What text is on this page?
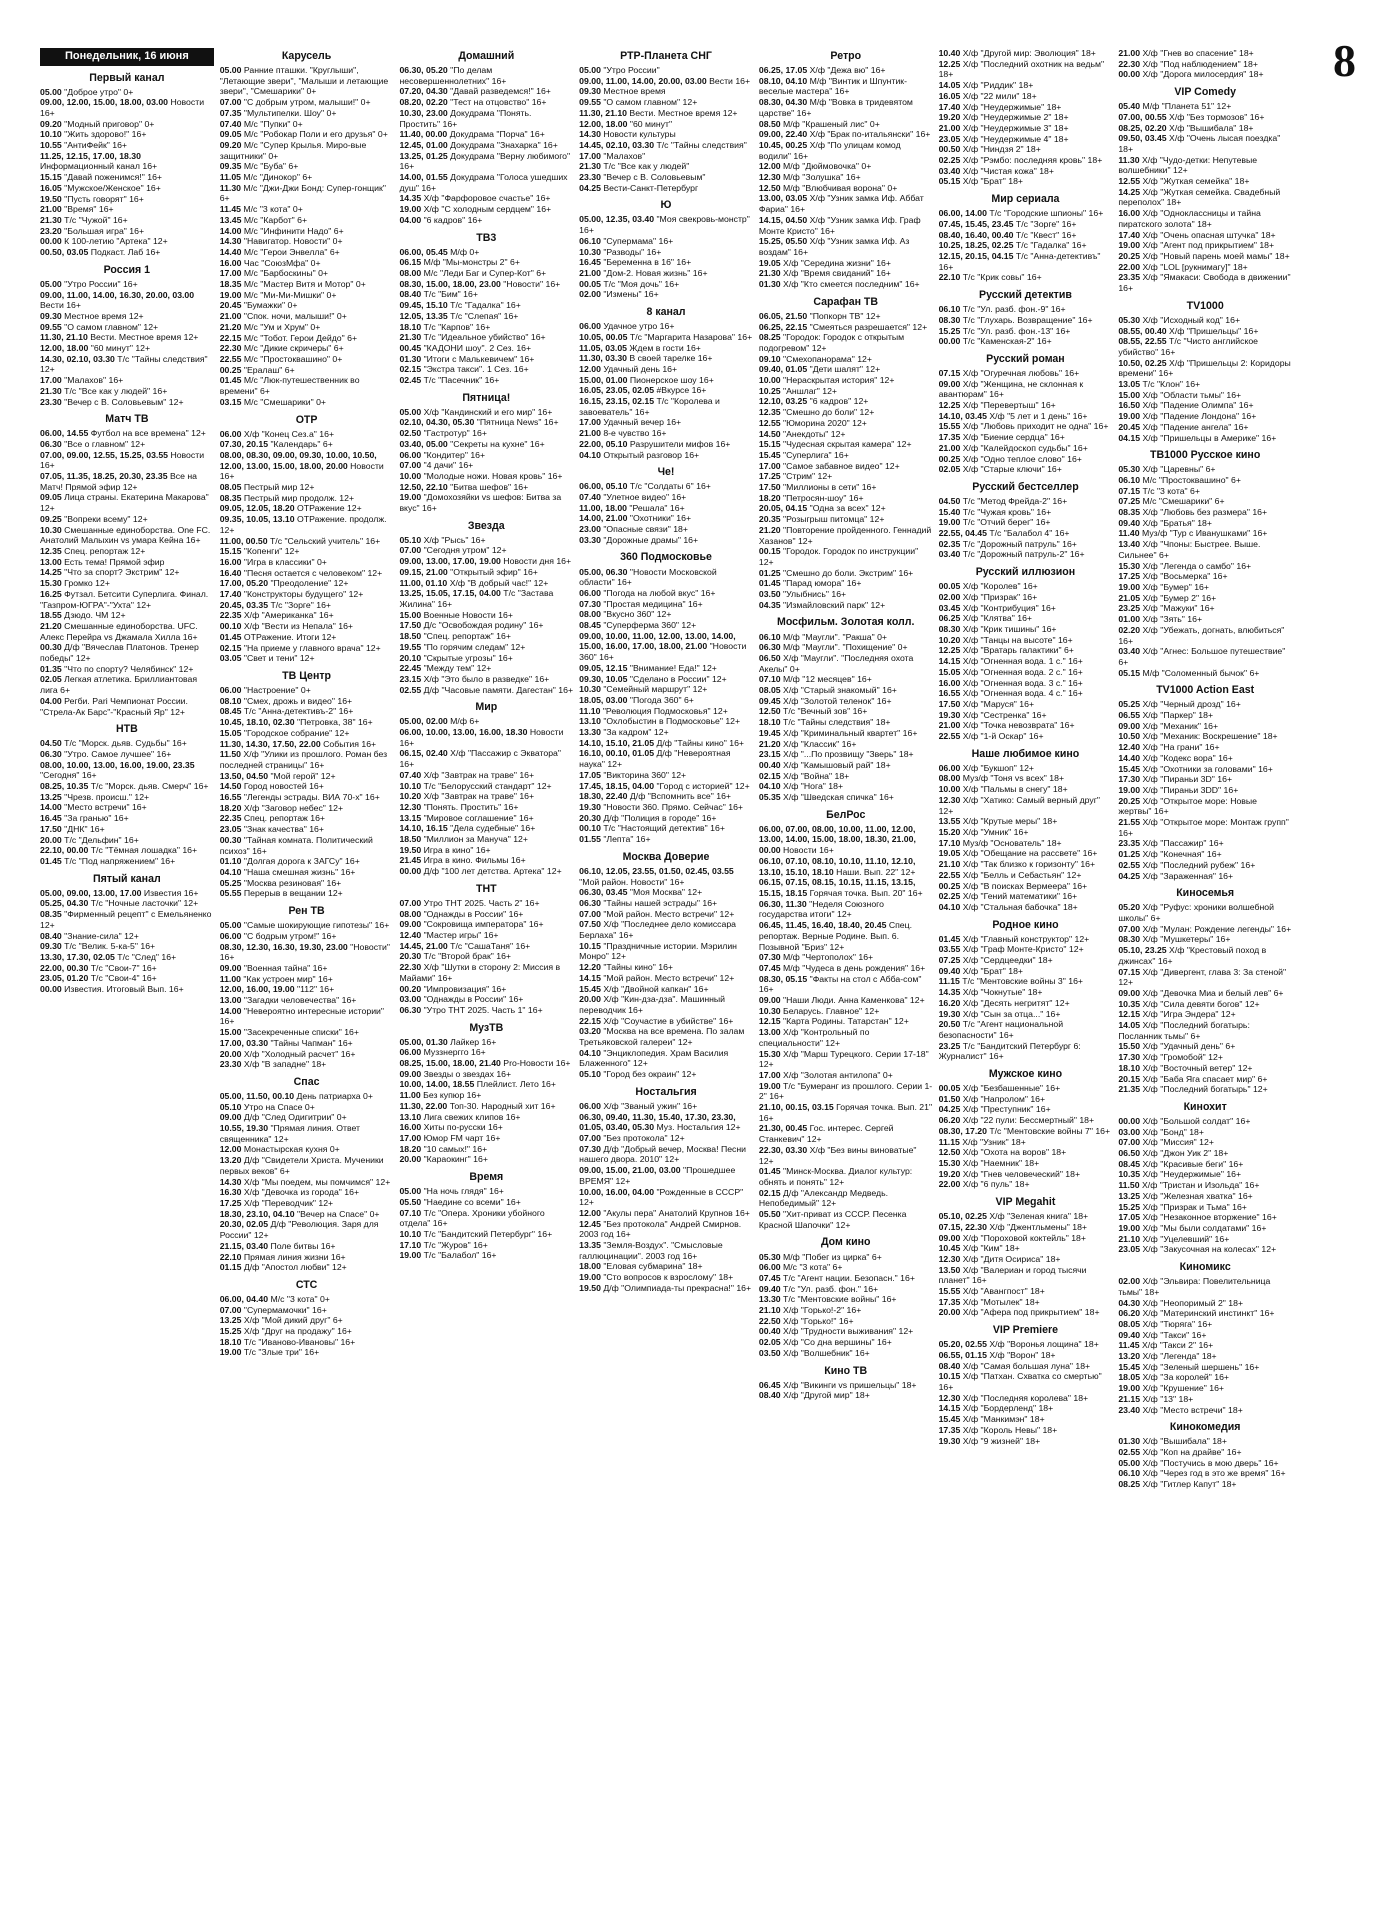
8
Понедельник, 16 июня
Первый канал
05.00 "Доброе утро" 0+
09.00, 12.00, 15.00, 18.00, 03.00 Новости 16+
09.20 "Модный приговор" 0+
10.10 "Жить здорово!" 16+
10.55 "АнтиФейк" 16+
11.25, 12.15, 17.00, 18.30 Информационный канал 16+
15.15 "Давай поженимся!" 16+
16.05 "Мужское/Женское" 16+
19.50 "Пусть говорят" 16+
21.00 "Время" 16+
21.30 Т/с "Чужой" 16+
23.20 "Большая игра" 16+
00.00 К 100-летию "Артека" 12+
00.50, 03.05 Подкаст. Лаб 16+
Россия 1
05.00 "Утро России" 16+
09.00, 11.00, 14.00, 16.30, 20.00, 03.00 Вести 16+
09.30 Местное время 12+
09.55 "О самом главном" 12+
11.30, 21.10 Вести. Местное время 12+
12.00, 18.00 "60 минут" 12+
14.30, 02.10, 03.30 Т/с "Тайны следствия" 12+
17.00 "Малахов" 16+
21.30 Т/с "Все как у людей" 16+
23.30 "Вечер с В. Соловьевым" 12+
Матч ТВ
06.00, 14.55 Футбол на все времена" 12+
06.30 "Все о главном" 12+
07.00, 09.00, 12.55, 15.25, 03.55 Новости 16+
07.05, 11.35, 18.25, 20.30, 23.35 Все на Матч! Прямой эфир 12+
09.05 Лица страны. Екатерина Макарова" 12+
09.25 "Вопреки всему" 12+
10.30 Смешанные единоборства. One FC. Анатолий Малыхин vs умара Кейна 16+
12.35 Спец. репортаж 12+
13.00 Есть тема! Прямой эфир
14.25 "Что за спорт? Экстрим" 12+
15.30 Громко 12+
16.25 Футзал. Бетсити Суперлига. Финал. "Газпром-ЮГРА"-"Ухта" 12+
18.55 Дзюдо. ЧМ 12+
21.20 Смешанные единоборства. UFC. Алекс Перейра vs Джамала Хилла 16+
00.30 Д/ф "Вячеслав Платонов. Тренер победы" 12+
01.35 "Что по спорту? Челябинск" 12+
02.05 Легкая атлетика. Бриллиантовая лига 6+
04.00 Регби. Pari Чемпионат России. "Стрела-Ак Барс"-"Красный Яр" 12+
НТВ
04.50 Т/с "Морск. дьяв. Судьбы" 16+
06.30 "Утро. Самое лучшее" 16+
08.00, 10.00, 13.00, 16.00, 19.00, 23.35 "Сегодня" 16+
08.25, 10.35 Т/с "Морск. дьяв. Смерч" 16+
13.25 "Чрезв. происш." 12+
14.00 "Место встречи" 16+
16.45 "За гранью" 16+
17.50 "ДНК" 16+
20.00 Т/с "Дельфин" 16+
22.10, 00.00 Т/с "Тёмная лошадка" 16+
01.45 Т/с "Под напряжением" 16+
Пятый канал
05.00, 09.00, 13.00, 17.00 Известия 16+
05.25, 04.30 Т/с "Ночные ласточки" 12+
08.35 "Фирменный рецепт" с Емельяненко 12+
08.40 "Знание-сила" 12+
09.30 Т/с "Велик. 5-ка-5" 16+
13.30, 17.30, 02.05 Т/с "След" 16+
22.00, 00.30 Т/с "Свои-7" 16+
23.05, 01.20 Т/с "Свои-4" 16+
00.00 Известия. Итоговый Вып. 16+
Карусель
05.00 Ранние пташки. "Круглыши", "Летающие звери", "Малыши и летающие звери", "Смешарики" 0+
07.00 "С добрым утром, малыши!" 0+
07.35 "Мультипелки. Шоу" 0+
07.40 М/с "Пупки" 0+
09.05 М/с "Робокар Поли и его друзья" 0+
09.20 М/с "Супер Крылья. Миро-вые защитники" 0+
09.35 М/с "Буба" 6+
11.05 М/с "Динокор" 6+
11.30 М/с "Джи-Джи Бонд: Супер-гонщик" 6+
11.45 М/с "3 кота" 0+
13.45 М/с "Карбот" 6+
14.00 М/с "Инфинити Надо" 6+
14.30 "Навигатор. Новости" 0+
14.40 М/с "Герои Энвелла" 6+
16.00 Час "СоюзМфа" 0+
17.00 М/с "Барбоскины" 0+
18.35 М/с "Мастер Витя и Мотор" 0+
19.00 М/с "Ми-Ми-Мишки" 0+
20.45 "Бумажки" 0+
21.00 "Спок. ночи, малыши!" 0+
21.20 М/с "Ум и Хрум" 0+
22.15 М/с "Тобот. Герои Дейдо" 6+
22.30 М/с "Дикие скричеры" 6+
22.55 М/с "Простоквашино" 0+
00.25 "Ералаш" 6+
01.45 М/с "Люк-путешественник во времени" 6+
03.15 М/с "Смешарики" 0+
ОТР
06.00 Х/ф "Конец Сез.а" 16+
07.30, 20.15 "Календарь" 6+
08.00, 08.30, 09.00, 09.30, 10.00, 10.50, 12.00, 13.00, 15.00, 18.00, 20.00 Новости 16+
08.05 Пестрый мир 12+
08.35 Пестрый мир продолж. 12+
09.05, 12.05, 18.20 ОТРажение 12+
09.35, 10.05, 13.10 ОТРажение. продолж. 12+
11.00, 00.50 Т/с "Сельский учитель" 16+
15.15 "Копенги" 12+
16.00 "Игра в классики" 0+
16.40 "Песня остается с человеком" 12+
17.00, 05.20 "Преодоление" 12+
17.40 "Конструкторы будущего" 12+
20.45, 03.35 Т/с "Зорге" 16+
22.35 Х/ф "Американка" 16+
00.10 Х/ф "Вести из Непала" 16+
01.45 ОТРажение. Итоги 12+
02.15 "На приеме у главного врача" 12+
03.05 "Свет и тени" 12+
ТВ Центр
06.00 "Настроение" 0+
08.10 "Смех, дрожь и видео" 16+
08.45 Т/с "Анна-детективъ-2" 16+
10.45, 18.10, 02.30 "Петровка, 38" 16+
15.05 "Городское собрание" 12+
11.30, 14.30, 17.50, 22.00 События 16+
11.50 Х/ф "Улики из прошлого. Роман без последней страницы" 16+
13.50, 04.50 "Мой герой" 12+
14.50 Город новостей 16+
16.55 "Легенды эстрады. ВИА 70-х" 16+
18.20 Х/ф "Заговор небес" 12+
22.35 Спец. репортаж 16+
23.05 "Знак качества" 16+
00.30 "Тайная комната. Политический психоз" 16+
01.10 "Долгая дорога к ЗАГСу" 16+
04.10 "Наша смешная жизнь" 16+
05.25 "Москва резиновая" 16+
05.55 Перерыв в вещании 12+
Рен ТВ
05.00 "Самые шокирующие гипотезы" 16+
06.00 "С бодрым утром!" 16+
08.30, 12.30, 16.30, 19.30, 23.00 "Новости" 16+
09.00 "Военная тайна" 16+
11.00 "Как устроен мир" 16+
12.00, 16.00, 19.00 "112" 16+
13.00 "Загадки человечества" 16+
14.00 "Невероятно интересные истории" 16+
15.00 "Засекреченные списки" 16+
17.00, 03.30 "Тайны Чапман" 16+
20.00 Х/ф "Холодный расчет" 16+
23.30 Х/ф "В западне" 18+
Спас
05.00, 11.50, 00.10 День патриарха 0+
05.10 Утро на Спасе 0+
09.00 Д/ф "След Одигитрии" 0+
10.55, 19.30 "Прямая линия. Ответ священника" 12+
12.00 Монастырская кухня 0+
13.20 Д/ф "Свидетели Христа. Мученики первых веков" 6+
14.30 Х/ф "Мы поедем, мы помчимся" 12+
16.30 Х/ф "Девочка из города" 16+
17.25 Х/ф "Переводчик" 12+
18.30, 23.10, 04.10 "Вечер на Спасе" 0+
20.30, 02.05 Д/ф "Революция. Заря для России" 12+
21.15, 03.40 Поле битвы 16+
22.10 Прямая линия жизни 16+
01.15 Д/ф "Апостол любви" 12+
СТС
06.00, 04.40 М/с "3 кота" 0+
07.00 "Супермамочки" 16+
13.25 Х/ф "Мой дикий друг" 6+
15.25 Х/ф "Друг на продажу" 16+
18.10 Т/с "Иваново-Ивановы" 16+
19.00 Т/с "Злые три" 16+
Домашний
06.30, 05.20 "По делам несовершеннолетних" 16+
07.20, 04.30 "Давай разведемся!" 16+
08.20, 02.20 "Тест на отцовство" 16+
10.30, 23.00 Докудрама "Понять. Простить" 16+
11.40, 00.00 Докудрама "Порча" 16+
12.45, 01.00 Докудрама "Знахарка" 16+
13.25, 01.25 Докудрама "Верну любимого" 16+
14.00, 01.55 Докудрама "Голоса ушедших душ" 16+
14.35 Х/ф "Фарфоровое счастье" 16+
19.00 Х/ф "С холодным сердцем" 16+
04.00 "6 кадров" 16+
ТВ3
06.00, 05.45 М/ф 0+
06.15 М/ф "Мы-монстры 2" 6+
08.00 М/с "Леди Баг и Супер-Кот" 6+
08.30, 15.00, 18.00, 23.00 "Новости" 16+
08.40 Т/с "Бим" 16+
09.45, 15.10 Т/с "Гадалка" 16+
12.05, 13.35 Т/с "Слепая" 16+
18.10 Т/с "Карпов" 16+
21.30 Т/с "Идеальное убийство" 16+
00.45 "КАДОНИ шоу". 2 Сез. 16+
01.30 "Итоги с Малькевичем" 16+
02.15 "Экстра такси". 1 Сез. 16+
02.45 Т/с "Пасечник" 16+
Пятница!
05.00 Х/ф "Кандинский и его мир" 16+
02.10, 04.30, 05.30 "Пятница News" 16+
02.50 "Гастротур" 16+
03.40, 05.00 "Секреты на кухне" 16+
06.00 "Кондитер" 16+
07.00 "4 дачи" 16+
10.00 "Молодые ножи. Новая кровь" 16+
12.50, 22.10 "Битва шефов" 16+
19.00 "Домохозяйки vs шефов: Битва за вкус" 16+
Звезда
05.10 Х/ф "Рысь" 16+
07.00 "Сегодня утром" 12+
09.00, 13.00, 17.00, 19.00 Новости дня 16+
09.15, 21.00 "Открытый эфир" 16+
11.00, 01.10 Х/ф "В добрый час!" 12+
13.25, 15.05, 17.15, 04.00 Т/с "Застава Жилина" 16+
15.00 Военные Новости 16+
17.50 Д/с "Освобождая родину" 16+
18.50 "Спец. репортаж" 16+
19.55 "По горячим следам" 12+
20.10 "Скрытые угрозы" 16+
22.45 "Между тем" 12+
23.15 Х/ф "Это было в разведке" 16+
02.55 Д/ф "Часовые памяти. Дагестан" 16+
Мир
05.00, 02.00 М/ф 6+
06.00, 10.00, 13.00, 16.00, 18.30 Новости 16+
06.15, 02.40 Х/ф "Пассажир с Экватора" 16+
07.40 Х/ф "Завтрак на траве" 16+
10.10 Т/с "Белорусский стандарт" 12+
10.20 Х/ф "Завтрак на траве" 16+
12.30 "Понять. Простить" 16+
13.15 "Мировое соглашение" 16+
14.10, 16.15 "Дела судебные" 16+
18.50 "Миллион за Мануча" 12+
19.50 Игра в кино" 16+
21.45 Игра в кино. Фильмы 16+
00.00 Д/ф "100 лет детства. Артека" 12+
ТНТ
07.00 Утро ТНТ 2025. Часть 2" 16+
08.00 "Однажды в России" 16+
09.00 "Сокровища императора" 16+
12.40 "Мастер игры" 16+
14.45, 21.00 Т/с "СашаТаня" 16+
20.30 Т/с "Второй брак" 16+
22.30 Х/ф "Шутки в сторону 2: Миссия в Майами" 16+
00.20 "Импровизация" 16+
03.00 "Однажды в России" 16+
06.30 "Утро ТНТ 2025. Часть 1" 16+
МузТВ
05.00, 01.30 Лайкер 16+
06.00 Муззнергго 16+
08.25, 15.00, 18.00, 21.40 Pro-Новости 16+
09.00 Звезды о звездах 16+
10.00, 14.00, 18.55 Плейлист. Лето 16+
11.00 Без купюр 16+
11.30, 22.00 Топ-30. Народный хит 16+
13.10 Лига свежих клипов 16+
16.00 Хиты по-русски 16+
17.00 Юмор FM чарт 16+
18.20 "10 самых!" 16+
20.00 "Караокинг" 16+
Время
05.00 "На ночь глядя" 16+
05.50 "Наедине со всеми" 16+
07.10 Т/с "Опера. Хроники убойного отдела" 16+
10.10 Т/с "Бандитский Петербург" 16+
17.10 Т/с "Журов" 16+
19.00 Т/с "Балабол" 16+
РТР-Планета СНГ
05.00 "Утро России"
09.00, 11.00, 14.00, 20.00, 03.00 Вести 16+
09.30 Местное время
09.55 "О самом главном" 12+
11.30, 21.10 Вести. Местное время 12+
12.00, 18.00 "60 минут"
14.30 Новости культуры
14.45, 02.10, 03.30 Т/с "Тайны следствия"
17.00 "Малахов"
21.30 Т/с "Все как у людей"
23.30 "Вечер с В. Соловьевым"
04.25 Вести-Санкт-Петербург
Ю
05.00, 12.35, 03.40 "Моя свекровь-монстр" 16+
06.10 "Супермама" 16+
10.30 "Разводы" 16+
16.45 "Беременна в 16" 16+
21.00 "Дом-2. Новая жизнь" 16+
00.05 Т/с "Моя дочь" 16+
02.00 "Измены" 16+
8 канал
06.00 Удачное утро 16+
10.05, 00.05 Т/с "Маргарита Назарова" 16+
11.05, 03.05 Ждем в гости 16+
11.30, 03.30 В своей тарелке 16+
12.00 Удачный день 16+
15.00, 01.00 Пионерское шоу 16+
16.05, 23.05, 02.05 #Вкурсе 16+
16.15, 23.15, 02.15 Т/с "Королева и завоеватель" 16+
17.00 Удачный вечер 16+
21.00 8-е чувство 16+
22.00, 05.10 Разрушители мифов 16+
04.10 Открытый разговор 16+
Че!
06.00, 05.10 Т/с "Солдаты 6" 16+
07.40 "Улетное видео" 16+
11.00, 18.00 "Решала" 16+
14.00, 21.00 "Охотники" 16+
23.00 "Опасные связи" 18+
03.30 "Дорожные драмы" 16+
360 Подмосковье
05.00, 06.30 "Новости Московской области" 16+
06.00 "Погода на любой вкус" 16+
07.30 "Простая медицина" 16+
08.00 "Вкусно 360" 12+
08.45 "Суперферма 360" 12+
09.00, 10.00, 11.00, 12.00, 13.00, 14.00, 15.00, 16.00, 17.00, 18.00, 21.00 "Новости 360" 16+
09.05, 12.15 "Внимание! Едa!" 12+
09.30, 10.05 "Сделано в России" 12+
10.30 "Семейный маршрут" 12+
18.05, 03.00 "Погода 360" 6+
11.10 "Революция Подмосковья" 12+
13.10 "Охлобыстин в Подмосковье" 12+
13.30 "За кадром" 12+
14.10, 15.10, 21.05 Д/ф "Тайны кино" 16+
16.10, 00.10, 01.05 Д/ф "Невероятная наука" 12+
17.05 "Викторина 360" 12+
17.45, 18.15, 04.00 "Город с историей" 12+
18.30, 22.40 Д/ф "Вспомнить все" 16+
19.30 "Новости 360. Прямо. Сейчас" 16+
20.30 Д/ф "Полиция в городе" 16+
00.10 Т/с "Настоящий детектив" 16+
01.55 "Лепта" 16+
Москва Доверие
06.10, 12.05, 23.55, 01.50, 02.45, 03.55 "Мой район. Новости" 16+
06.30, 03.45 "Моя Москва" 12+
06.30 "Тайны нашей эстрады" 16+
07.00 "Мой район. Место встречи" 12+
07.50 Х/ф "Последнее дело комиссара Берлаха" 16+
10.15 "Праздничные истории. Мэрилин Монро" 12+
12.20 "Тайны кино" 16+
14.15 "Мой район. Место встречи" 12+
15.45 Х/ф "Двойной капкан" 16+
20.00 Х/ф "Кин-дза-дза". Машинный переводчик 16+
22.15 Х/ф "Соучастие в убийстве" 16+
03.20 "Москва на все времена. По залам Третьяковской галереи" 12+
04.10 "Энциклопедия. Храм Василия Блаженного" 12+
05.10 "Город без окраин" 12+
Ностальгия
06.00 Х/ф "Званый ужин" 16+
06.30, 09.40, 11.30, 15.40, 17.30, 23.30, 01.05, 03.40, 05.30 Муз. Ностальгия 12+
07.00 "Без протокола" 12+
07.30 Д/ф "Добрый вечер, Москва! Песни нашего двора. 2010" 12+
09.00, 15.00, 21.00, 03.00 "Прошедшее ВРЕМЯ" 12+
10.00, 16.00, 04.00 "Рожденные в СССР" 12+
12.00 "Акулы пера" Анатолий Крупнов 16+
12.45 "Без протокола" Андрей Смирнов. 2003 год 16+
13.35 "Земля-Воздух". "Смысловые галлюцинации". 2003 год 16+
18.00 "Еловая субмарина" 18+
19.00 "Сто вопросов к взрослому" 18+
19.50 Д/ф "Олимпиада-ты прекрасна!" 16+
Ретро
06.25, 17.05 Х/ф "Дежа вю" 16+
08.10, 04.10 М/ф "Винтик и Шпунтик-веселые мастера" 16+
08.30, 04.30 М/ф "Вовка в тридевятом царстве" 16+
08.50 М/ф "Крашеный лис" 0+
09.00, 22.40 Х/ф "Брак по-итальянски" 16+
10.45, 00.25 Х/ф "По улицам комод водили" 16+
12.00 М/ф "Дюймовочка" 0+
12.30 М/ф "Золушка" 16+
12.50 М/ф "Влюбчивая ворона" 0+
13.00, 03.05 Х/ф "Узник замка Иф. Аббат Фариа" 16+
14.15, 04.50 Х/ф "Узник замка Иф. Граф Монте Кристо" 16+
15.25, 05.50 Х/ф "Узник замка Иф. Аз воздам" 16+
19.05 Х/ф "Середина жизни" 16+
21.30 Х/ф "Время свиданий" 16+
01.30 Х/ф "Кто смеется последним" 16+
Сарафан ТВ
06.05, 21.50 "Попкорн ТВ" 12+
06.25, 22.15 "Смеяться разрешается" 12+
08.25 "Городок: Городок с открытым подогревом" 12+
09.10 "Смехопанорама" 12+
09.40, 01.05 "Дети шалят" 12+
10.00 "Нераскрытая история" 12+
10.25 "Аншлаг" 12+
12.10, 03.25 "6 кадров" 12+
12.35 "Смешно до боли" 12+
12.55 "Юморина 2020" 12+
14.50 "Анекдоты" 12+
15.15 "Чудесная скрытая камера" 12+
15.45 "Суперлига" 16+
17.00 "Самое забавное видео" 12+
17.25 "Стрим" 12+
17.50 "Миллионы в сети" 16+
18.20 "Петросян-шоу" 16+
20.05, 04.15 "Одна за всех" 12+
20.35 "Розыгрыш питомца" 12+
21.20 "Повторение пройденного. Геннадий Хазанов" 12+
00.15 "Городок. Городок по инструкции" 12+
01.25 "Смешно до боли. Экстрим" 16+
01.45 "Парад юмора" 16+
03.50 "Улыбнись" 16+
04.35 "Измайловский парк" 12+
Мосфильм. Золотая колл.
06.10 М/ф "Маугли". "Ракша" 0+
06.30 М/ф "Маугли". "Похищение" 0+
06.50 Х/ф "Маугли". "Последняя охота Акелы" 0+
07.10 М/ф "12 месяцев" 16+
08.05 Х/ф "Старый знакомый" 16+
09.45 Х/ф "Золотой теленок" 16+
12.50 Т/с "Вечный зов" 16+
18.10 Т/с "Тайны следствия" 18+
19.45 Х/ф "Криминальный квартет" 16+
21.20 Х/ф "Классик" 16+
23.15 Х/ф "...По прозвищу "Зверь" 18+
00.40 Х/ф "Камышовый рай" 18+
02.15 Х/ф "Война" 18+
04.10 Х/ф "Нога" 18+
05.35 Х/ф "Шведская спичка" 16+
БелРос
06.00, 07.00, 08.00, 10.00, 11.00, 12.00, 13.00, 14.00, 15.00, 18.00, 18.30, 21.00, 00.00 Новости 16+
06.10, 07.10, 08.10, 10.10, 11.10, 12.10, 13.10, 15.10, 18.10 Наши. Вып. 22" 12+
06.15, 07.15, 08.15, 10.15, 11.15, 13.15, 15.15, 18.15 Горячая точка. Вып. 20" 16+
06.30, 11.30 "Неделя Союзного государства итоги" 12+
06.45, 11.45, 16.40, 18.40, 20.45 Спец. репортаж. Верные Родине. Вып. 6. Позывной "Бриз" 12+
07.30 М/ф "Чертополох" 16+
07.45 М/ф "Чудеса в день рождения" 16+
08.30, 05.15 "Факты на стол с Абба-сом" 16+
09.00 "Наши Люди. Анна Каменкова" 12+
10.30 Беларусь. Главное" 12+
12.15 "Карта Родины. Татарстан" 12+
13.00 Х/ф "Контрольный по специальности" 12+
15.30 Х/ф "Марш Турецкого. Серии 17-18" 12+
17.00 Х/ф "Золотая антилопа" 0+
19.00 Т/с "Бумеранг из прошлого. Серии 1-2" 16+
21.10, 00.15, 03.15 Горячая точка. Вып. 21" 16+
21.30, 00.45 Гос. интерес. Сергей Станкевич" 12+
22.30, 03.30 Х/ф "Без вины виноватые" 12+
01.45 "Минск-Москва. Диалог культур: обнять и понять" 12+
02.15 Д/ф "Александр Медведь. Непобедимый" 12+
05.50 "Хит-приват из СССР. Песенка Красной Шапочки" 12+
Дом кино
05.30 М/ф "Побег из цирка" 6+
06.00 М/с "3 кота" 6+
07.45 Т/с "Агент нации. Безопасн." 16+
09.40 Т/с "Ул. разб. фон." 16+
13.30 Т/с "Ментовские войны" 16+
21.10 Х/ф "Горько!-2" 16+
22.50 Х/ф "Горько!" 16+
00.40 Х/ф "Трудности выживания" 12+
02.05 Х/ф "Со дна вершины" 16+
03.50 Х/ф "Волшебник" 16+
Кино ТВ
06.45 Х/ф "Викинги vs пришельцы" 18+
08.40 Х/ф "Другой мир" 18+
10.40 Х/ф "Другой мир: Эволюция" 18+
12.25 Х/ф "Последний охотник на ведьм" 18+
14.05 Х/ф "Риддик" 18+
16.05 Х/ф "22 мили" 18+
17.40 Х/ф "Неудержимые" 18+
19.20 Х/ф "Неудержимые 2" 18+
21.00 Х/ф "Неудержимые 3" 18+
23.05 Х/ф "Неудержимые 4" 18+
00.50 Х/ф "Ниндзя 2" 18+
02.25 Х/ф "Рэмбо: последняя кровь" 18+
03.40 Х/ф "Чистая кожа" 18+
05.15 Х/ф "Брат" 18+
Мир сериала
06.00, 14.00 Т/с "Городские шпионы" 16+
07.45, 15.45, 23.45 Т/с "Зорге" 16+
08.40, 16.40, 00.40 Т/с "Квест" 16+
10.25, 18.25, 02.25 Т/с "Гадалка" 16+
12.15, 20.15, 04.15 Т/с "Анна-детективъ" 16+
22.10 Т/с "Крик совы" 16+
Русский детектив
06.10 Т/с "Ул. разб. фон.-9" 16+
08.30 Т/с "Глухарь. Возвращение" 16+
15.25 Т/с "Ул. разб. фон.-13" 16+
00.00 Т/с "Каменская-2" 16+
Русский роман
07.15 Х/ф "Огуречная любовь" 16+
09.00 Х/ф "Женщина, не склонная к авантюрам" 16+
12.25 Х/ф "Перевертыш" 16+
14.10, 03.45 Х/ф "5 лет и 1 день" 16+
15.55 Х/ф "Любовь приходит не одна" 16+
17.35 Х/ф "Биение сердца" 16+
21.00 Х/ф "Калейдоскоп судьбы" 16+
00.25 Х/ф "Одно теплое слово" 16+
02.05 Х/ф "Старые ключи" 16+
Русский бестселлер
04.50 Т/с "Метод Фрейда-2" 16+
15.40 Т/с "Чужая кровь" 16+
19.00 Т/с "Отчий берег" 16+
22.55, 04.45 Т/с "Балабол 4" 16+
02.35 Т/с "Дорожный патруль" 16+
03.40 Т/с "Дорожный патруль-2" 16+
Русский иллюзион
00.05 Х/ф "Королев" 16+
02.00 Х/ф "Призрак" 16+
03.45 Х/ф "Контрибуция" 16+
06.25 Х/ф "Клятва" 16+
08.30 Х/ф "Крик тишины" 16+
10.20 Х/ф "Танцы на высоте" 16+
12.25 Х/ф "Вратарь галактики" 6+
14.15 Х/ф "Огненная вода. 1 с." 16+
15.05 Х/ф "Огненная вода. 2 с." 16+
16.00 Х/ф "Огненная вода. 3 с." 16+
16.55 Х/ф "Огненная вода. 4 с." 16+
17.50 Х/ф "Маруся" 16+
19.30 Х/ф "Сестренка" 16+
21.00 Х/ф "Точка невозврата" 16+
22.55 Х/ф "1-й Оскар" 16+
Наше любимое кино
06.00 Х/ф "Букшоп" 12+
08.00 Муз/ф "Тоня vs всех" 18+
10.00 Х/ф "Пальмы в снегу" 18+
12.30 Х/ф "Хатико: Самый верный друг" 12+
13.55 Х/ф "Крутые меры" 18+
15.20 Х/ф "Умник" 16+
17.10 Муз/ф "Основатель" 18+
19.05 Х/ф "Обещание на рассвете" 16+
21.10 Х/ф "Так близко к горизонту" 16+
22.55 Х/ф "Белль и Себастьян" 12+
00.25 Х/ф "В поисках Вермеера" 16+
02.25 Х/ф "Гений математики" 16+
04.10 Х/ф "Стальная бабочка" 18+
Родное кино
01.45 Х/ф "Главный конструктор" 12+
03.55 Х/ф "Граф Монте-Кристо" 12+
07.25 Х/ф "Сердцеедки" 18+
09.40 Х/ф "Брат" 18+
11.15 Т/с "Ментовские войны 3" 16+
14.35 Х/ф "Чокнутые" 18+
16.20 Х/ф "Десять негритят" 12+
19.30 Х/ф "Сын за отца..." 16+
20.50 Т/с "Агент национальной безопасности" 16+
23.25 Т/с "Бандитский Петербург 6: Журналист" 16+
Мужское кино
00.05 Х/ф "Безбашенные" 16+
01.50 Х/ф "Напролом" 16+
04.25 Х/ф "Преступник" 16+
06.20 Х/ф "22 пули: Бессмертный" 18+
08.30, 17.20 Т/с "Ментовские войны 7" 16+
11.15 Х/ф "Узник" 18+
12.50 Х/ф "Охота на воров" 18+
15.30 Х/ф "Наемник" 18+
19.20 Х/ф "Гнев человеческий" 18+
22.00 Х/ф "6 пуль" 18+
VIP Megahit
05.10, 02.25 Х/ф "Зеленая книга" 18+
07.15, 22.30 Х/ф "Джентльмены" 18+
09.00 Х/ф "Пороховой коктейль" 18+
10.45 Х/ф "Ким" 18+
12.30 Х/ф "Дитя Осириса" 18+
13.50 Х/ф "Валериан и город тысячи планет" 16+
15.55 Х/ф "Авангпост" 18+
17.35 Х/ф "Мотылек" 18+
20.00 Х/ф "Афера под прикрытием" 18+
VIP Premiere
05.20, 02.55 Х/ф "Воронья лощина" 18+
06.55, 01.15 Х/ф "Ворон" 18+
08.40 Х/ф "Самая большая луна" 18+
10.15 Х/ф "Патхан. Схватка со смертью" 16+
12.30 Х/ф "Последняя королева" 18+
14.15 Х/ф "Бордерленд" 18+
15.45 Х/ф "Манкимэн" 18+
17.35 Х/ф "Король Невы" 18+
19.30 Х/ф "9 жизней" 18+
21.00 Х/ф "Гнев во спасение" 18+
22.30 Х/ф "Под наблюдением" 18+
00.00 Х/ф "Дорога милосердия" 18+
VIP Comedy
05.40 М/ф "Планета 51" 12+
07.00, 00.55 Х/ф "Без тормозов" 16+
08.25, 02.20 Х/ф "Вышибала" 18+
09.50, 03.45 Х/ф "Очень лысая поездка" 18+
11.30 Х/ф "Чудо-детки: Непутевые волшебники" 12+
12.55 Х/ф "Жуткая семейка" 18+
14.25 Х/ф "Жуткая семейка. Свадебный переполох" 18+
16.00 Х/ф "Одноклассницы и тайна пиратского золота" 18+
17.40 Х/ф "Очень опасная штучка" 18+
19.00 Х/ф "Агент под прикрытием" 18+
20.25 Х/ф "Новый парень моей мамы" 18+
22.00 Х/ф "LOL [рукнимагу]" 18+
23.35 Х/ф "Ямакаси: Свобода в движении" 16+
TV1000
05.30 Х/ф "Исходный код" 16+
08.55, 00.40 Х/ф "Пришельцы" 16+
08.55, 22.55 Т/с "Чисто английское убийство" 16+
10.50, 02.25 Х/ф "Пришельцы 2: Коридоры времени" 16+
13.05 Т/с "Клон" 16+
15.00 Х/ф "Области тьмы" 16+
16.50 Х/ф "Падение Олимпа" 16+
19.00 Х/ф "Падение Лондона" 16+
20.45 Х/ф "Падение ангела" 16+
04.15 Х/ф "Пришельцы в Америке" 16+
TB1000 Русское кино
05.30 Х/ф "Царевны" 6+
06.10 М/с "Простоквашино" 6+
07.15 Т/с "3 кота" 6+
07.25 М/с "Смешарики" 6+
08.35 Х/ф "Любовь без размера" 16+
09.40 Х/ф "Братья" 18+
11.40 Муз/ф "Тур с Иванушками" 16+
13.40 Х/ф "Чпоны: Быстрее. Выше. Сильнее" 6+
15.30 Х/ф "Легенда о самбо" 16+
17.25 Х/ф "Восьмерка" 16+
19.00 Х/ф "Бумер" 16+
21.05 Х/ф "Бумер 2" 16+
23.25 Х/ф "Мажуки" 16+
01.00 Х/ф "Зять" 16+
02.20 Х/ф "Убежать, догнать, влюбиться" 16+
03.40 Х/ф "Агнес: Большое путешествие" 6+
05.15 М/ф "Соломенный бычок" 6+
TV1000 Action East
05.25 Х/ф "Черный дрозд" 16+
06.55 Х/ф "Паркер" 18+
09.00 Х/ф "Механик" 16+
10.50 Х/ф "Механик: Воскрешение" 18+
12.40 Х/ф "На грани" 16+
14.40 Х/ф "Кодекс вора" 16+
15.45 Х/ф "Охотники за головами" 16+
17.30 Х/ф "Пираньи 3D" 16+
19.00 Х/ф "Пираньи 3DD" 16+
20.25 Х/ф "Открытое море: Новые жертвы" 16+
21.55 Х/ф "Открытое море: Монтаж групп" 16+
23.35 Х/ф "Пассажир" 16+
01.25 Х/ф "Конечная" 16+
02.55 Х/ф "Последний рубеж" 16+
04.25 Х/ф "Зараженная" 16+
Киносемья
05.20 Х/ф "Руфус: хроники волшебной школы" 6+
07.00 Х/ф "Мулан: Рождение легенды" 16+
08.30 Х/ф "Мушкетеры" 16+
05.10, 23.25 Х/ф "Крестовый поход в джинсах" 16+
07.15 Х/ф "Дивергент, глава 3: За стеной" 12+
09.00 Х/ф "Девочка Миа и белый лев" 6+
10.35 Х/ф "Сила девяти богов" 12+
12.15 Х/ф "Игра Эндера" 12+
14.05 Х/ф "Последний богатырь: Посланник тьмы" 6+
15.50 Х/ф "Удачный день" 6+
17.30 Х/ф "Громобой" 12+
18.10 Х/ф "Восточный ветер" 12+
20.15 Х/ф "Баба Яга спасает мир" 6+
21.35 Х/ф "Последний богатырь" 12+
Кинохит
00.00 Х/ф "Большой солдат" 16+
03.00 Х/ф "Бонд" 18+
07.00 Х/ф "Миссия" 12+
06.50 Х/ф "Джон Уик 2" 18+
08.45 Х/ф "Красивые беги" 16+
10.35 Х/ф "Неудержимые" 16+
11.50 Х/ф "Тристан и Изольда" 16+
13.25 Х/ф "Железная хватка" 16+
15.25 Х/ф "Призрак и Тьма" 16+
17.05 Х/ф "Незаконное вторжение" 16+
19.00 Х/ф "Мы были солдатами" 16+
21.10 Х/ф "Уцелевший" 16+
23.05 Х/ф "Закусочная на колесах" 12+
Киномикс
02.00 Х/ф "Эльвира: Повелительница тьмы" 18+
04.30 Х/ф "Неопоримый 2" 18+
06.20 Х/ф "Материнский инстинкт" 16+
08.05 Х/ф "Тюряга" 16+
09.40 Х/ф "Такси" 16+
11.45 Х/ф "Такси 2" 16+
13.20 Х/ф "Легенда" 18+
15.45 Х/ф "Зеленый шершень" 16+
18.05 Х/ф "За королей" 16+
19.00 Х/ф "Крушение" 16+
21.15 Х/ф "13" 18+
23.40 Х/ф "Место встречи" 18+
Кинокомедия
01.30 Х/ф "Вышибала" 18+
02.55 Х/ф "Коп на драйве" 16+
05.00 Х/ф "Постучись в мою дверь" 16+
06.10 Х/ф "Через год в это же время" 16+
08.25 Х/ф "Гитлер Капут" 18+
